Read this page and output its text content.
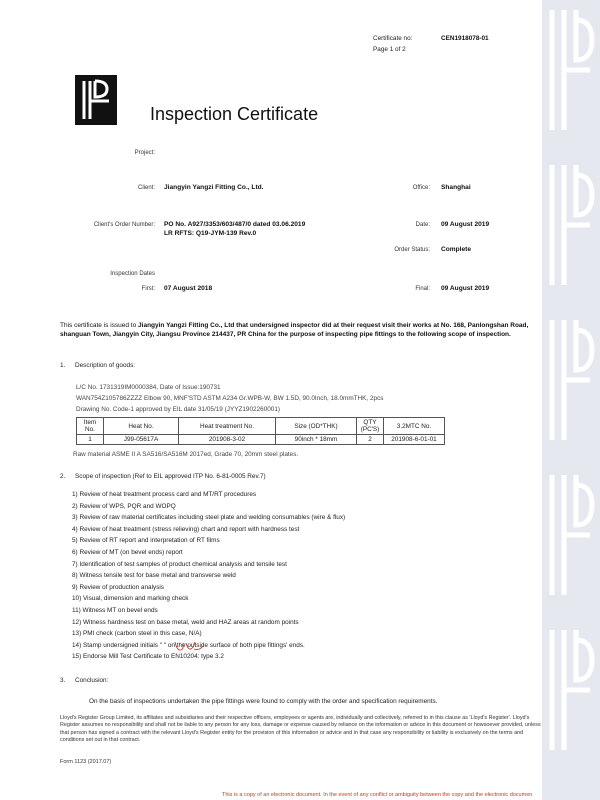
Certificate no:	CEN1918078-01
Page 1 of 2
Inspection Certificate
Project:
Client: Jiangyin Yangzi Fitting Co., Ltd.	Office: Shanghai
Client's Order Number: PO No. A927/3353/603/487/0 dated 03.06.2019
LR RFTS: Q19-JYM-139 Rev.0
Date: 09 August 2019
Order Status: Complete
Inspection Dates
First: 07 August 2018	Final: 09 August 2019
This certificate is issued to Jiangyin Yangzi Fitting Co., Ltd that undersigned inspector did at their request visit their works at No. 168, Panlongshan Road, shanguan Town, Jiangyin City, Jiangsu Province 214437, PR China for the purpose of inspecting pipe fittings to the following scope of inspection.
1. Description of goods:
L/C No. 1731319IM0000384, Date of Issue:190731
WAN754Z105786ZZZZ Elbow 90, MNF'STD ASTM A234 Gr.WPB-W, BW 1.5D, 90.0Inch, 18.0mmTHK, 2pcs
Drawing No. Code-1 approved by EIL date 31/05/19 (JYYZ1902260001)
Item No.	Heat No.	Heat treatment No.	Size (OD*THK)	QTY (PC'S)	3.2MTC No.
1	J99-05617A	201908-3-02	90inch * 18mm	2	201908-6-01-01
Raw material ASME II A SA516/SA516M 2017ed, Grade 70, 20mm steel plates.
2. Scope of inspection (Ref to EIL approved ITP No. 6-81-0005 Rev.7)
1) Review of heat treatment process card and MT/RT procedures
2) Review of WPS, PQR and WOPQ
3) Review of raw material certificates including steel plate and welding consumables (wire & flux)
4) Review of heat treatment (stress relieving) chart and report with hardness test
5) Review of RT report and interpretation of RT films
6) Review of MT (on bevel ends) report
7) Identification of test samples of product chemical analysis and tensile test
8) Witness tensile test for base metal and transverse weld
9) Review of production analysis
10) Visual, dimension and marking check
11) Witness MT on bevel ends
12) Witness hardness test on base metal, weld and HAZ areas at random points
13) PMI check (carbon steel in this case, N/A)
14) Stamp undersigned initials " " on the outside surface of both pipe fittings' ends.
15) Endorse Mill Test Certificate to EN10204: type 3.2
3. Conclusion:
On the basis of inspections undertaken the pipe fittings were found to comply with the order and specification requirements.
Lloyd's Register Group Limited, its affiliates and subsidiaries and their respective officers, employees or agents are, individually and collectively, referred to in this clause as 'Lloyd's Register'. Lloyd's Register assumes no responsibility and shall not be liable to any person for any loss, damage or expense caused by reliance on the information or advice in this document or howsoever provided, unless that person has signed a contract with the relevant Lloyd's Register entity for the provision of this information or advice and in that case any responsibility or liability is exclusively on the terms and conditions set out in that contract.
Form 1123 (2017.07)
This is a copy of an electronic document. In the event of any conflict or ambiguity between the copy and the electronic documen
